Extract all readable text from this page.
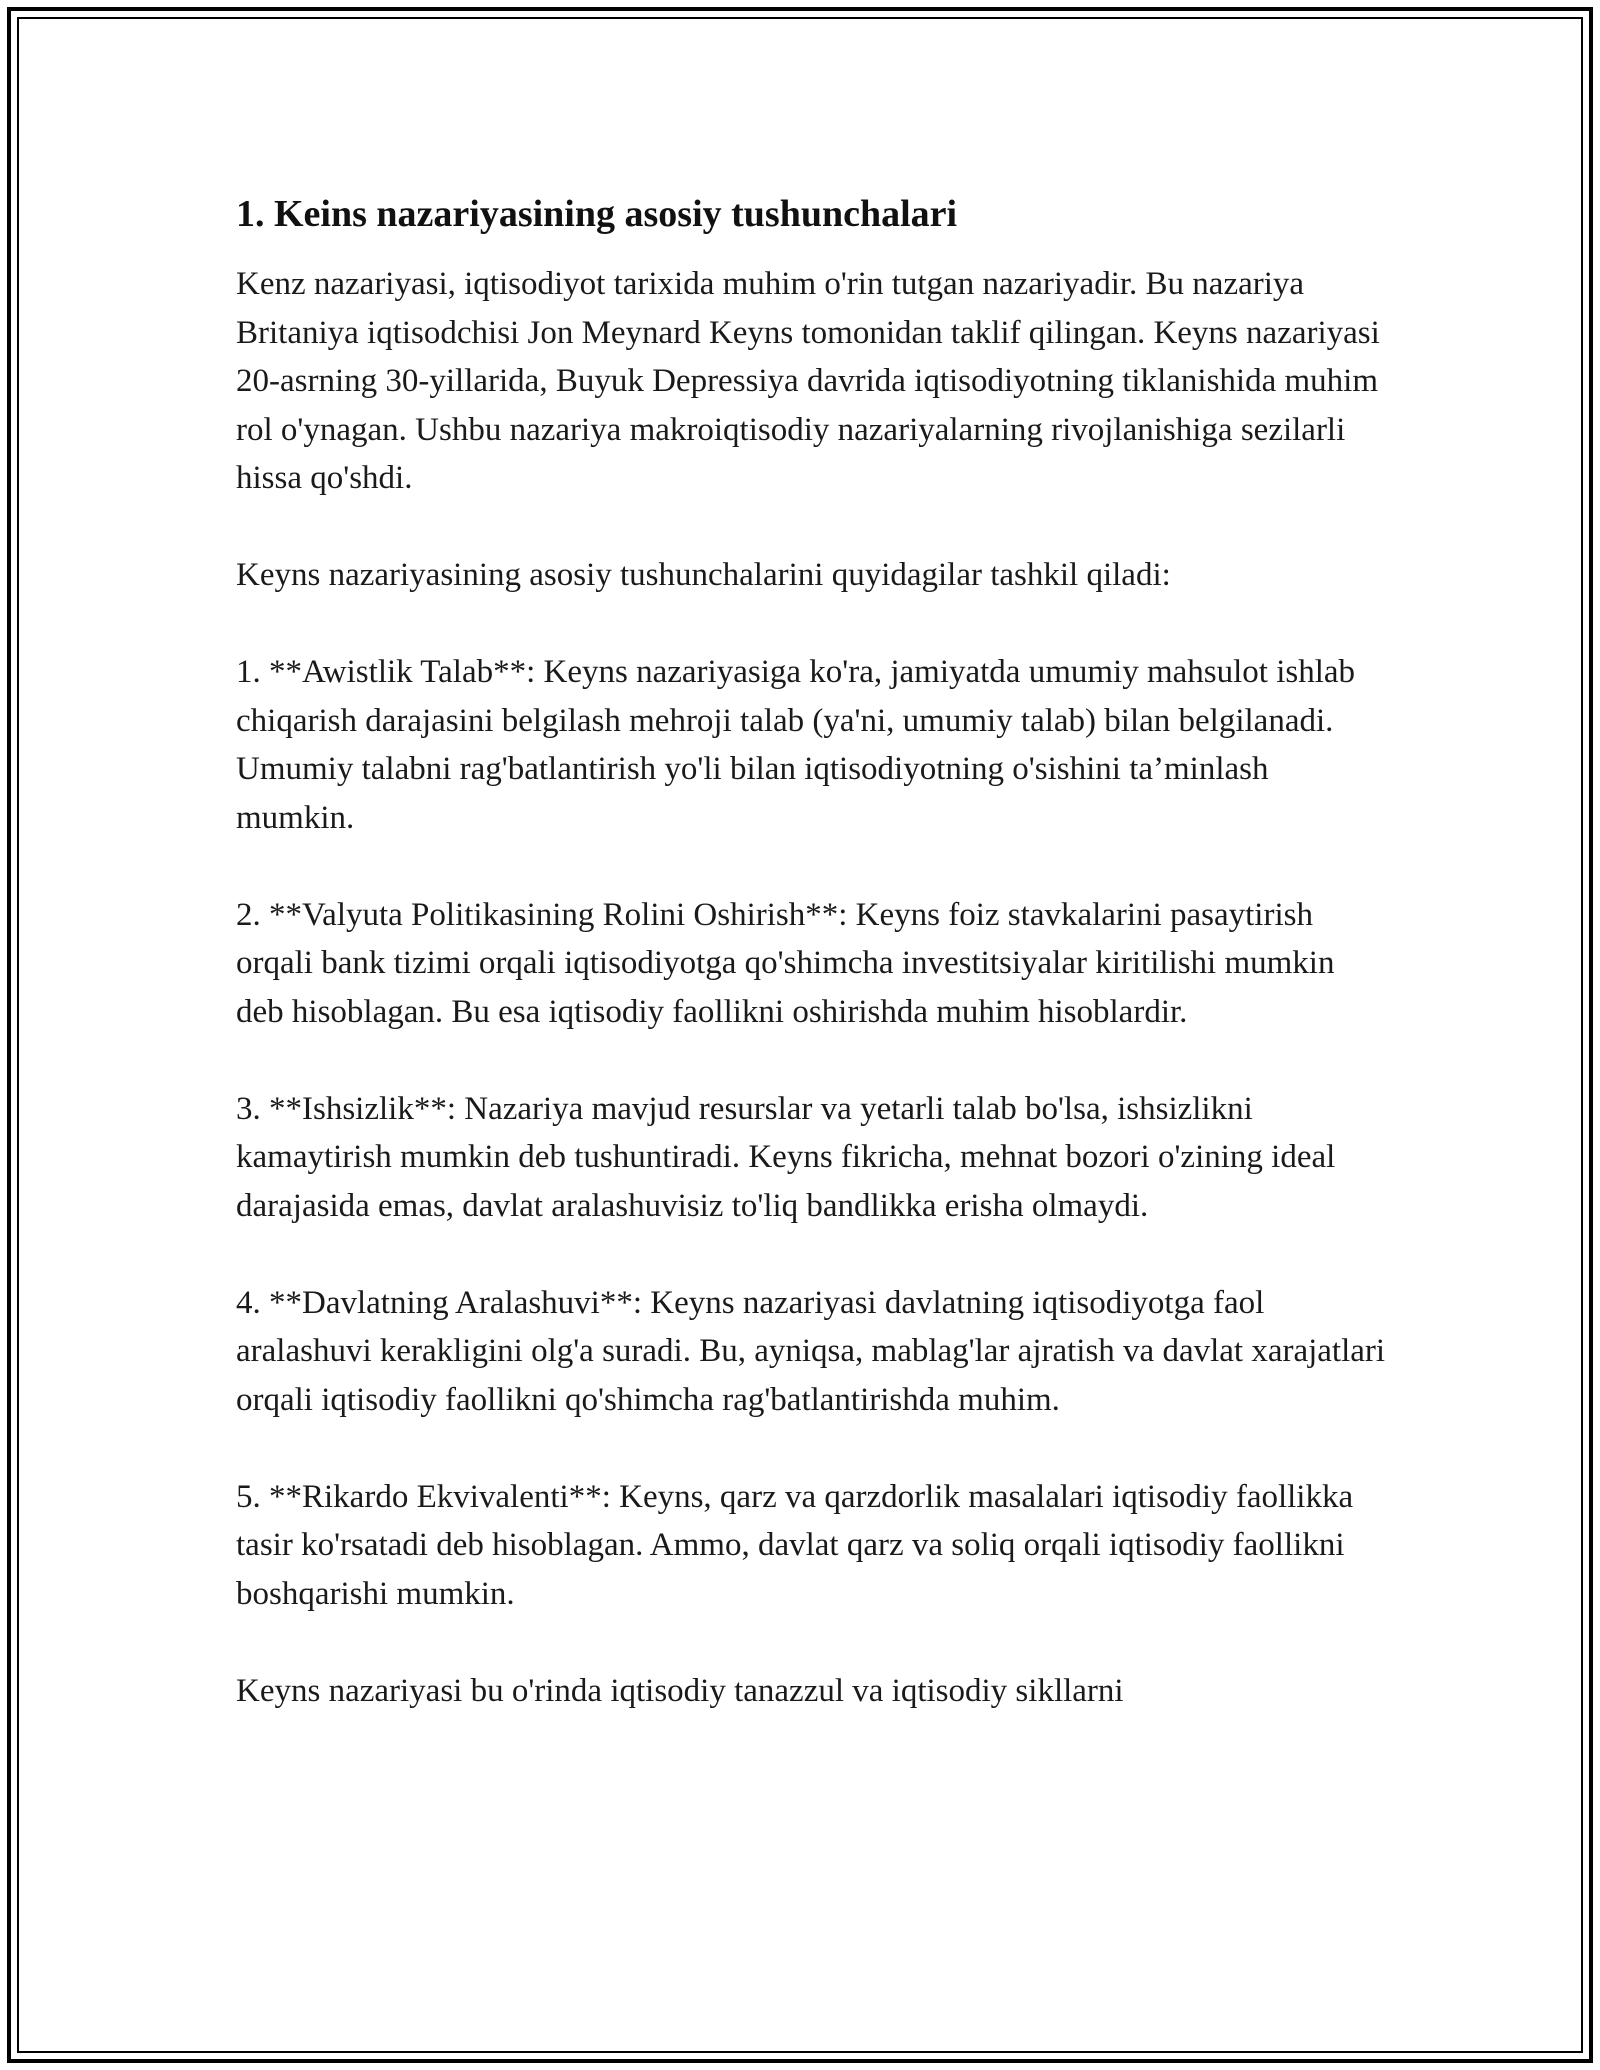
1. Keins nazariyasining asosiy tushunchalari

Kenz nazariyasi, iqtisodiyot tarixida muhim o'rin tutgan nazariyadir. Bu nazariya Britaniya iqtisodchisi Jon Meynard Keyns tomonidan taklif qilingan. Keyns nazariyasi 20-asrning 30-yillarida, Buyuk Depressiya davrida iqtisodiyotning tiklanishida muhim rol o'ynagan. Ushbu nazariya makroiqtisodiy nazariyalarning rivojlanishiga sezilarli hissa qo'shdi.

Keyns nazariyasining asosiy tushunchalarini quyidagilar tashkil qiladi:

1. **Awistlik Talab**: Keyns nazariyasiga ko'ra, jamiyatda umumiy mahsulot ishlab chiqarish darajasini belgilash mehroji talab (ya'ni, umumiy talab) bilan belgilanadi. Umumiy talabni rag'batlantirish yo'li bilan iqtisodiyotning o'sishini ta’minlash mumkin.

2. **Valyuta Politikasining Rolini Oshirish**: Keyns foiz stavkalarini pasaytirish orqali bank tizimi orqali iqtisodiyotga qo'shimcha investitsiyalar kiritilishi mumkin deb hisoblagan. Bu esa iqtisodiy faollikni oshirishda muhim hisoblardir.

3. **Ishsizlik**: Nazariya mavjud resurslar va yetarli talab bo'lsa, ishsizlikni kamaytirish mumkin deb tushuntiradi. Keyns fikricha, mehnat bozori o'zining ideal darajasida emas, davlat aralashuvisiz to'liq bandlikka erisha olmaydi.

4. **Davlatning Aralashuvi**: Keyns nazariyasi davlatning iqtisodiyotga faol aralashuvi kerakligini olg'a suradi. Bu, ayniqsa, mablag'lar ajratish va davlat xarajatlari orqali iqtisodiy faollikni qo'shimcha rag'batlantirishda muhim.

5. **Rikardo Ekvivalenti**: Keyns, qarz va qarzdorlik masalalari iqtisodiy faollikka tasir ko'rsatadi deb hisoblagan. Ammo, davlat qarz va soliq orqali iqtisodiy faollikni boshqarishi mumkin.

Keyns nazariyasi bu o'rinda iqtisodiy tanazzul va iqtisodiy sikllarni
